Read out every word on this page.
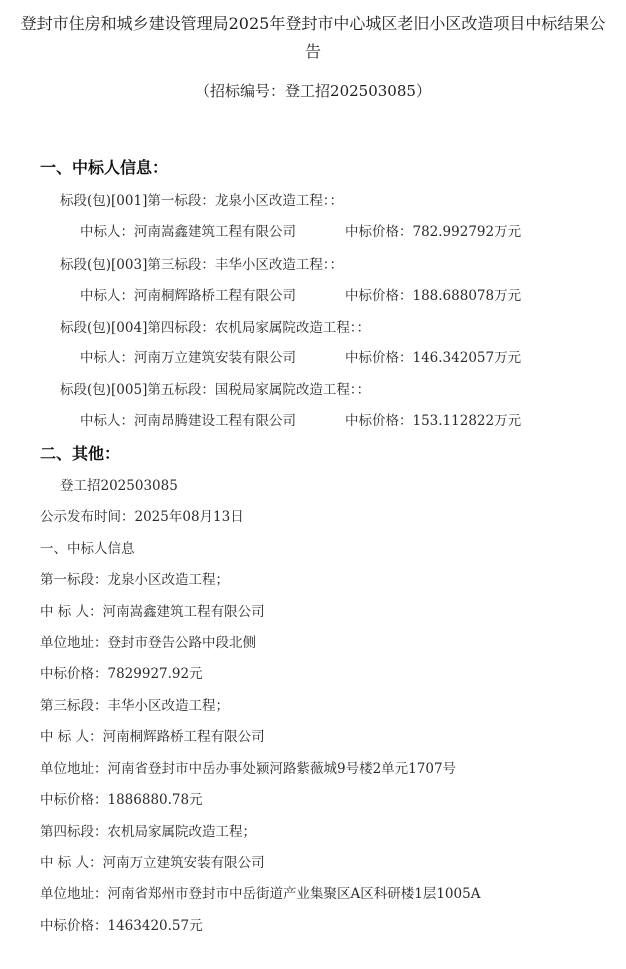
登封市住房和城乡建设管理局2025年登封市中心城区老旧小区改造项目中标结果公告
（招标编号：登工招202503085）
一、中标人信息：
标段(包)[001]第一标段：龙泉小区改造工程：：
中标人：河南嵩鑫建筑工程有限公司	中标价格：782.992792万元
标段(包)[003]第三标段：丰华小区改造工程：：
中标人：河南桐辉路桥工程有限公司	中标价格：188.688078万元
标段(包)[004]第四标段：农机局家属院改造工程：：
中标人：河南万立建筑安装有限公司	中标价格：146.342057万元
标段(包)[005]第五标段：国税局家属院改造工程：：
中标人：河南昂腾建设工程有限公司	中标价格：153.112822万元
二、其他：
登工招202503085
公示发布时间：2025年08月13日
一、中标人信息
第一标段：龙泉小区改造工程；
中 标 人：河南嵩鑫建筑工程有限公司
单位地址：登封市登告公路中段北侧
中标价格：7829927.92元
第三标段：丰华小区改造工程；
中 标 人：河南桐辉路桥工程有限公司
单位地址：河南省登封市中岳办事处颍河路紫薇城9号楼2单元1707号
中标价格：1886880.78元
第四标段：农机局家属院改造工程；
中 标 人：河南万立建筑安装有限公司
单位地址：河南省郑州市登封市中岳街道产业集聚区A区科研楼1层1005A
中标价格：1463420.57元
